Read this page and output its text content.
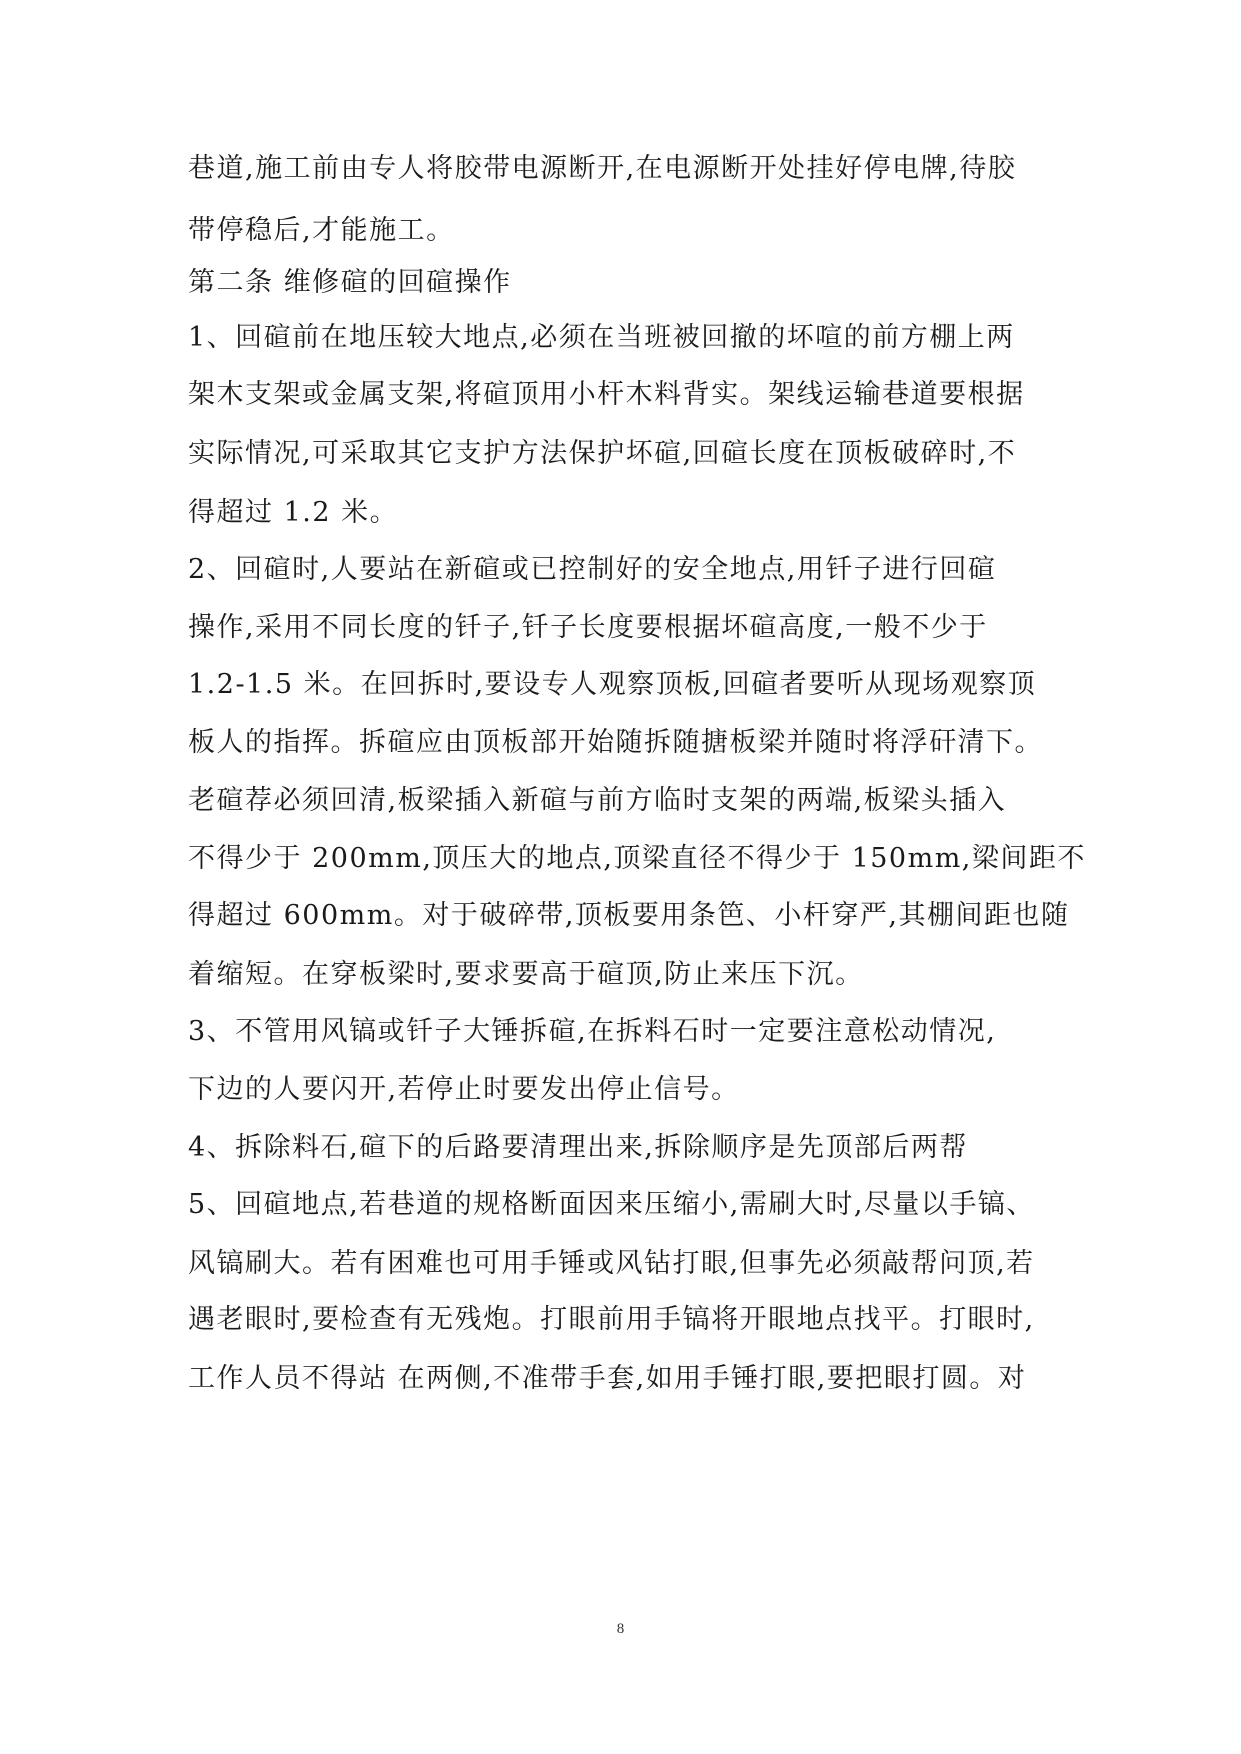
巷道,施工前由专人将胶带电源断开,在电源断开处挂好停电牌,待胶
带停稳后,才能施工。
第二条 维修碹的回碹操作
1、回碹前在地压较大地点,必须在当班被回撤的坏喧的前方棚上两
架木支架或金属支架,将碹顶用小杆木料背实。架线运输巷道要根据
实际情况,可采取其它支护方法保护坏碹,回碹长度在顶板破碎时,不
得超过 1.2 米。
2、回碹时,人要站在新碹或已控制好的安全地点,用钎子进行回碹
操作,采用不同长度的钎子,钎子长度要根据坏碹高度,一般不少于
1.2-1.5 米。在回拆时,要设专人观察顶板,回碹者要听从现场观察顶
板人的指挥。拆碹应由顶板部开始随拆随搪板梁并随时将浮矸清下。
老碹荐必须回清,板梁插入新碹与前方临时支架的两端,板梁头插入
不得少于 200mm,顶压大的地点,顶梁直径不得少于 150mm,梁间距不
得超过 600mm。对于破碎带,顶板要用条笆、小杆穿严,其棚间距也随
着缩短。在穿板梁时,要求要高于碹顶,防止来压下沉。
3、不管用风镐或钎子大锤拆碹,在拆料石时一定要注意松动情况,
下边的人要闪开,若停止时要发出停止信号。
4、拆除料石,碹下的后路要清理出来,拆除顺序是先顶部后两帮
5、回碹地点,若巷道的规格断面因来压缩小,需刷大时,尽量以手镐、
风镐刷大。若有困难也可用手锤或风钻打眼,但事先必须敲帮问顶,若
遇老眼时,要检查有无残炮。打眼前用手镐将开眼地点找平。打眼时,
工作人员不得站 在两侧,不准带手套,如用手锤打眼,要把眼打圆。对
8
